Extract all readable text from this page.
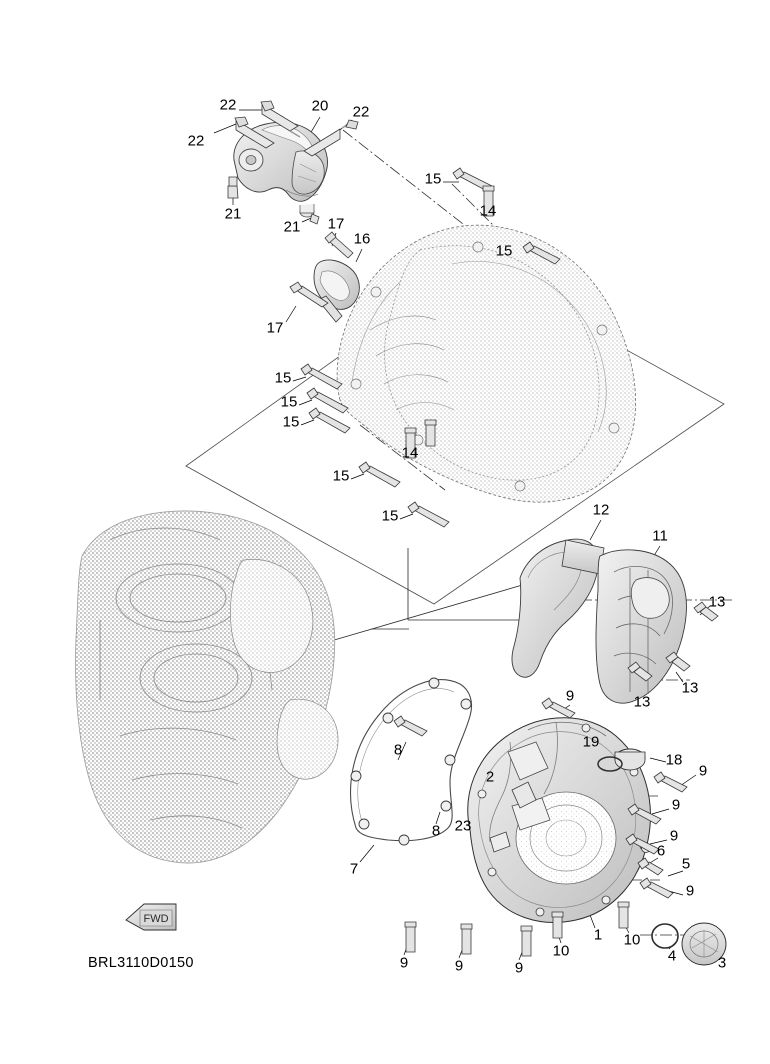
FWD
22	20 22
22
15
21	14
21 17
16
15
17
15
15
15
14
15
15	12
11
13
13
13
9
8	19
18
9
2
9
8 23
9
6
5
7
9
1 10
10	4	3
9	9	9
BRL3110D0150
